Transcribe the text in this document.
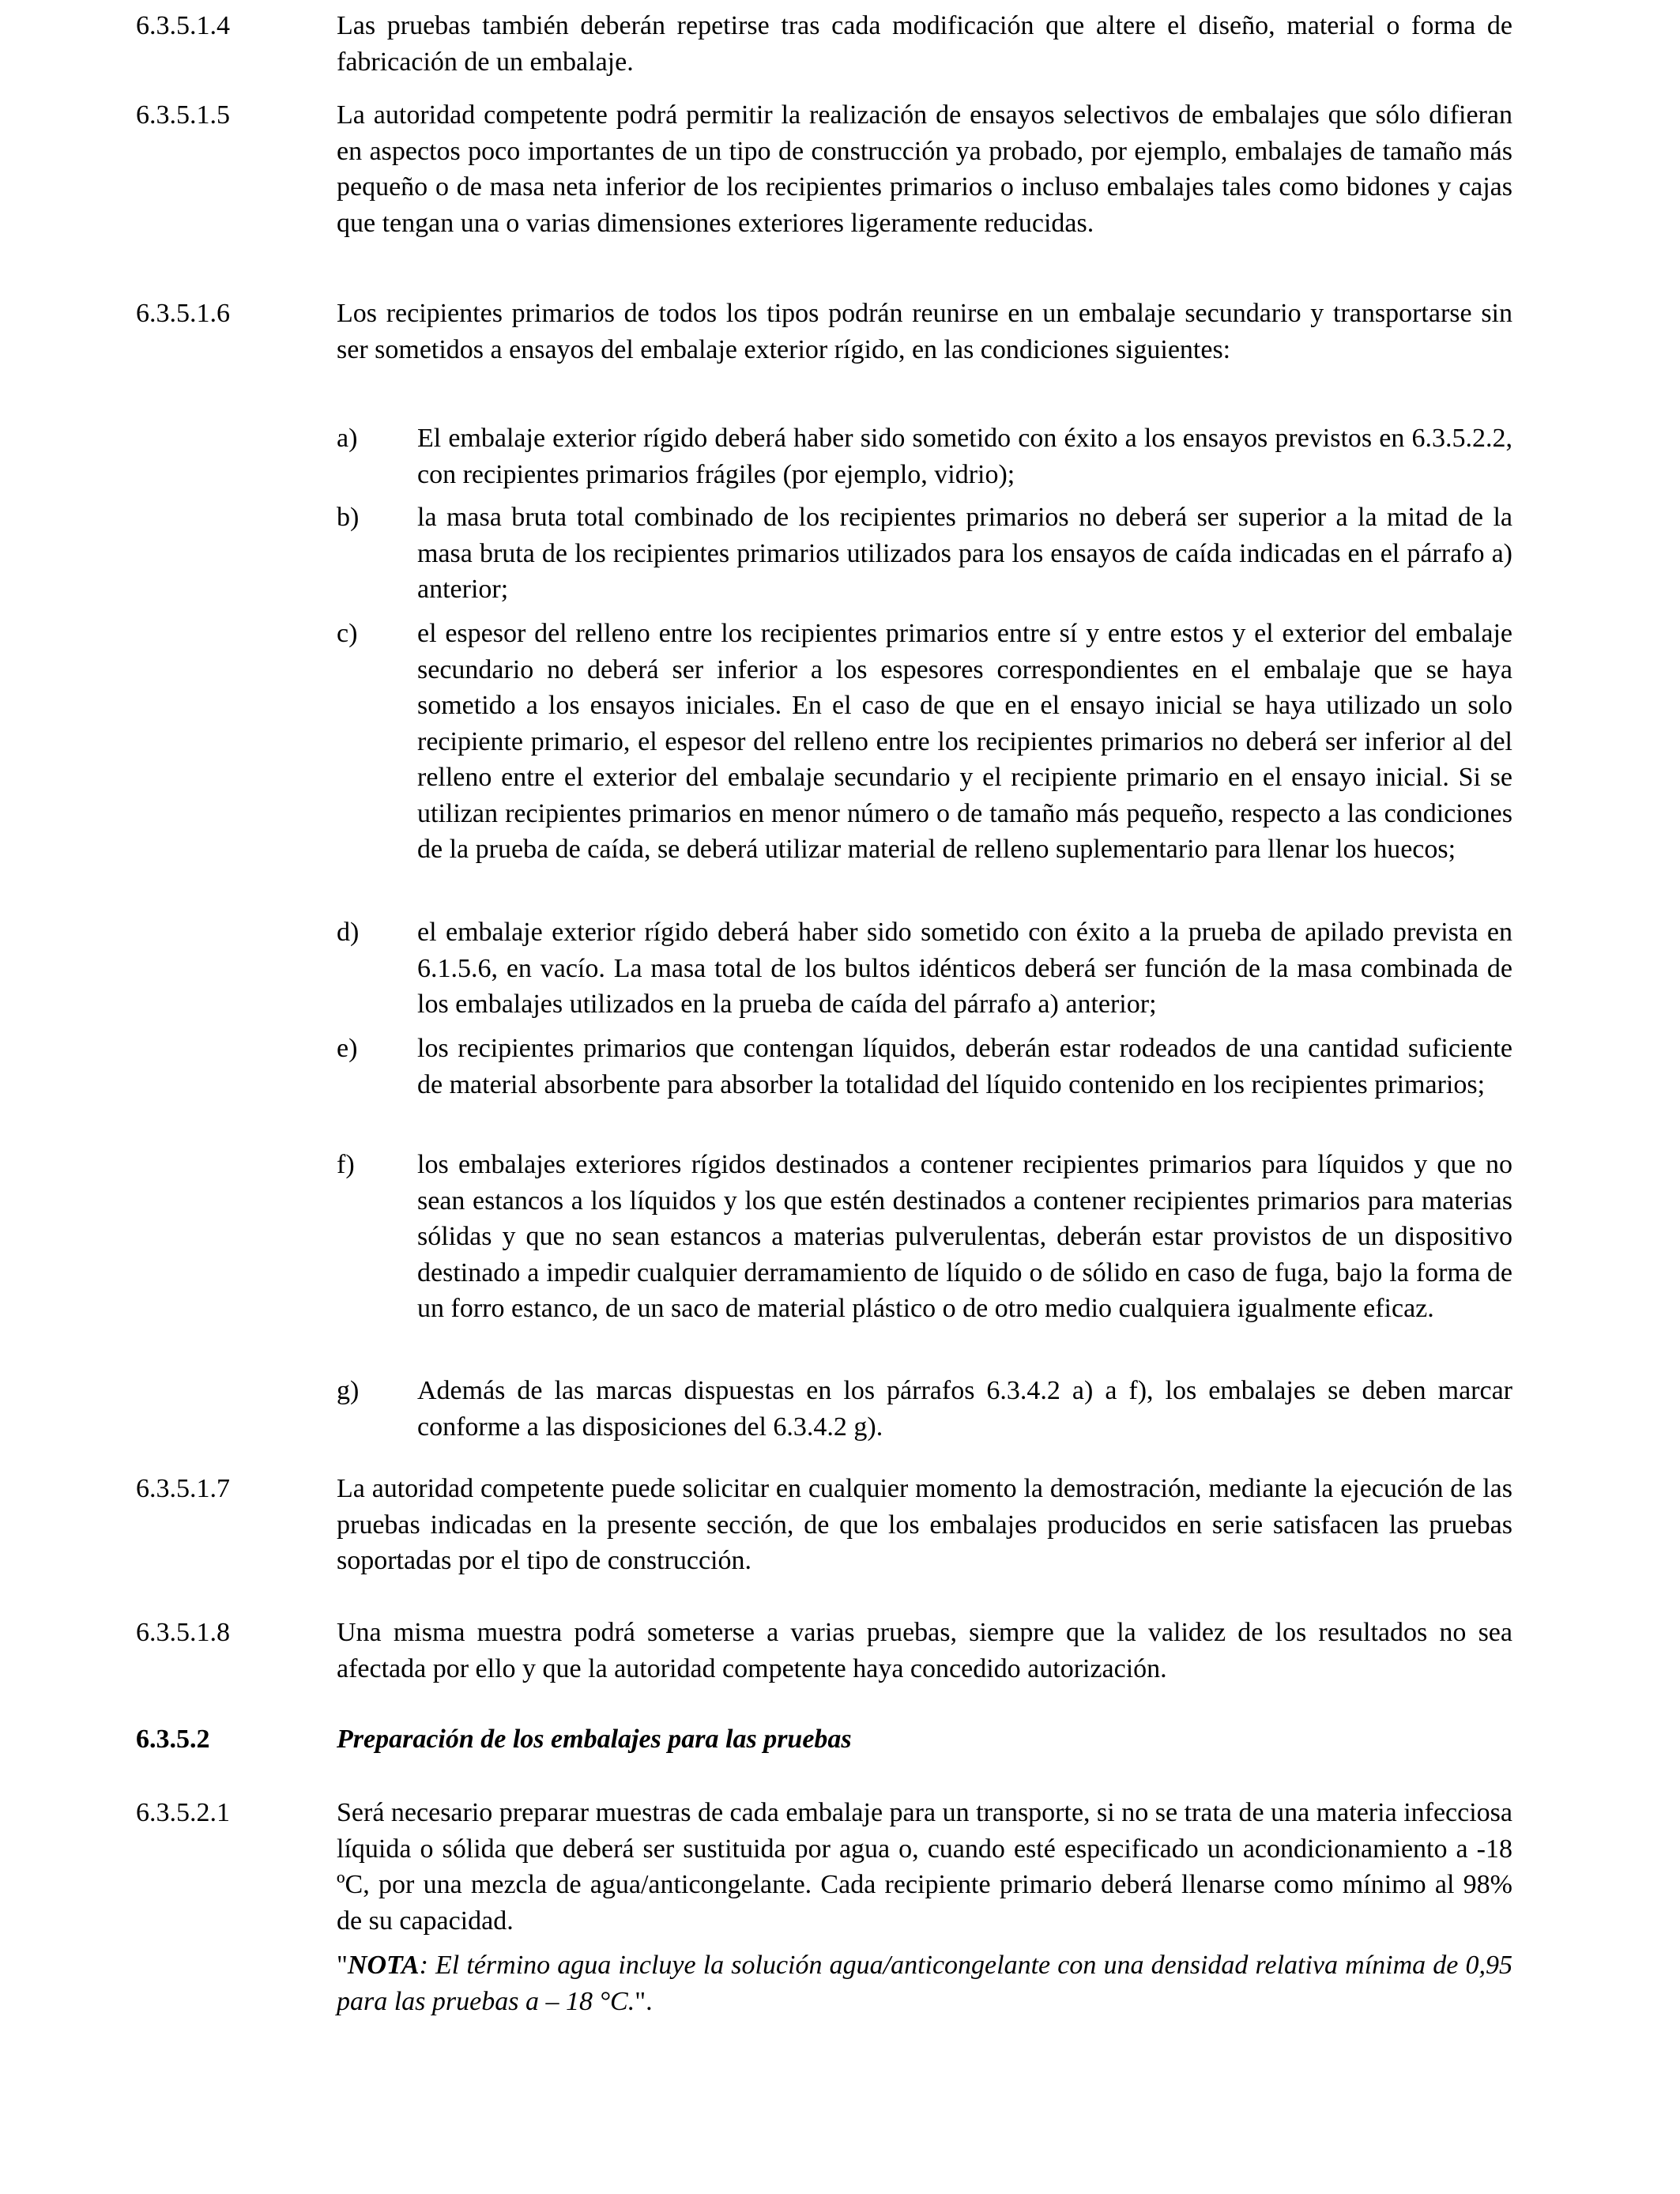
6.3.5.1.4	Las pruebas también deberán repetirse tras cada modificación que altere el diseño, material o forma de fabricación de un embalaje.
6.3.5.1.5	La autoridad competente podrá permitir la realización de ensayos selectivos de embalajes que sólo difieran en aspectos poco importantes de un tipo de construcción ya probado, por ejemplo, embalajes de tamaño más pequeño o de masa neta inferior de los recipientes primarios o incluso embalajes tales como bidones y cajas que tengan una o varias dimensiones exteriores ligeramente reducidas.
6.3.5.1.6	Los recipientes primarios de todos los tipos podrán reunirse en un embalaje secundario y transportarse sin ser sometidos a ensayos del embalaje exterior rígido, en las condiciones siguientes:
a)	El embalaje exterior rígido deberá haber sido sometido con éxito a los ensayos previstos en 6.3.5.2.2, con recipientes primarios frágiles (por ejemplo, vidrio);
b)	la masa bruta total combinado de los recipientes primarios no deberá ser superior a la mitad de la masa bruta de los recipientes primarios utilizados para los ensayos de caída indicadas en el párrafo a) anterior;
c)	el espesor del relleno entre los recipientes primarios entre sí y entre estos y el exterior del embalaje secundario no deberá ser inferior a los espesores correspondientes en el embalaje que se haya sometido a los ensayos iniciales. En el caso de que en el ensayo inicial se haya utilizado un solo recipiente primario, el espesor del relleno entre los recipientes primarios no deberá ser inferior al del relleno entre el exterior del embalaje secundario y el recipiente primario en el ensayo inicial. Si se utilizan recipientes primarios en menor número o de tamaño más pequeño, respecto a las condiciones de la prueba de caída, se deberá utilizar material de relleno suplementario para llenar los huecos;
d)	el embalaje exterior rígido deberá haber sido sometido con éxito a la prueba de apilado prevista en 6.1.5.6, en vacío. La masa total de los bultos idénticos deberá ser función de la masa combinada de los embalajes utilizados en la prueba de caída del párrafo a) anterior;
e)	los recipientes primarios que contengan líquidos, deberán estar rodeados de una cantidad suficiente de material absorbente para absorber la totalidad del líquido contenido en los recipientes primarios;
f)	los embalajes exteriores rígidos destinados a contener recipientes primarios para líquidos y que no sean estancos a los líquidos y los que estén destinados a contener recipientes primarios para materias sólidas y que no sean estancos a materias pulverulentas, deberán estar provistos de un dispositivo destinado a impedir cualquier derramamiento de líquido o de sólido en caso de fuga, bajo la forma de un forro estanco, de un saco de material plástico o de otro medio cualquiera igualmente eficaz.
g)	Además de las marcas dispuestas en los párrafos 6.3.4.2 a) a f), los embalajes se deben marcar conforme a las disposiciones del 6.3.4.2 g).
6.3.5.1.7	La autoridad competente puede solicitar en cualquier momento la demostración, mediante la ejecución de las pruebas indicadas en la presente sección, de que los embalajes producidos en serie satisfacen las pruebas soportadas por el tipo de construcción.
6.3.5.1.8	Una misma muestra podrá someterse a varias pruebas, siempre que la validez de los resultados no sea afectada por ello y que la autoridad competente haya concedido autorización.
6.3.5.2	Preparación de los embalajes para las pruebas
6.3.5.2.1	Será necesario preparar muestras de cada embalaje para un transporte, si no se trata de una materia infecciosa líquida o sólida que deberá ser sustituida por agua o, cuando esté especificado un acondicionamiento a -18 ºC, por una mezcla de agua/anticongelante. Cada recipiente primario deberá llenarse como mínimo al 98% de su capacidad.
"NOTA: El término agua incluye la solución agua/anticongelante con una densidad relativa mínima de 0,95 para las pruebas a – 18 °C.".
